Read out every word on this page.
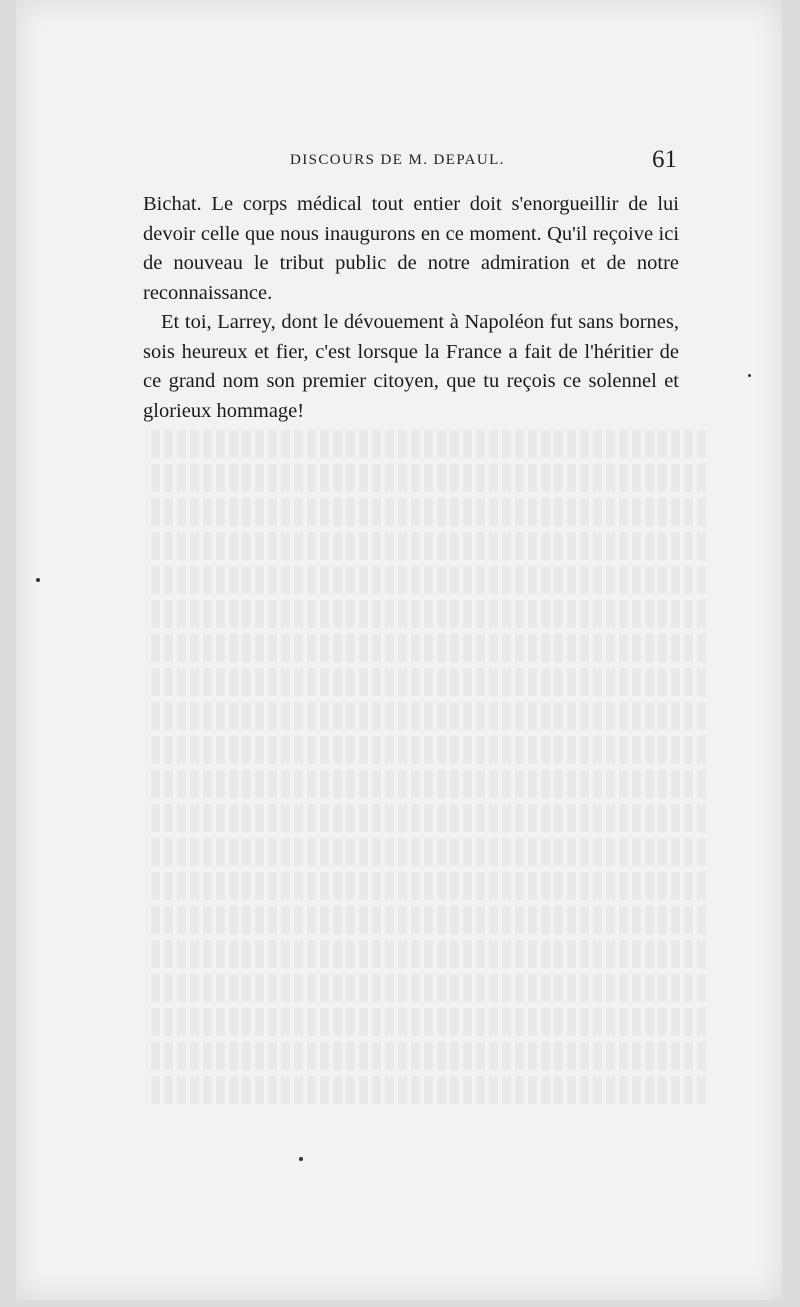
DISCOURS DE M. DEPAUL.	61

Bichat. Le corps médical tout entier doit s'enorgueillir de lui devoir celle que nous inaugurons en ce moment. Qu'il reçoive ici de nouveau le tribut public de notre admiration et de notre reconnaissance.

Et toi, Larrey, dont le dévouement à Napoléon fut sans bornes, sois heureux et fier, c'est lorsque la France a fait de l'héritier de ce grand nom son premier citoyen, que tu reçois ce solennel et glorieux hommage!
